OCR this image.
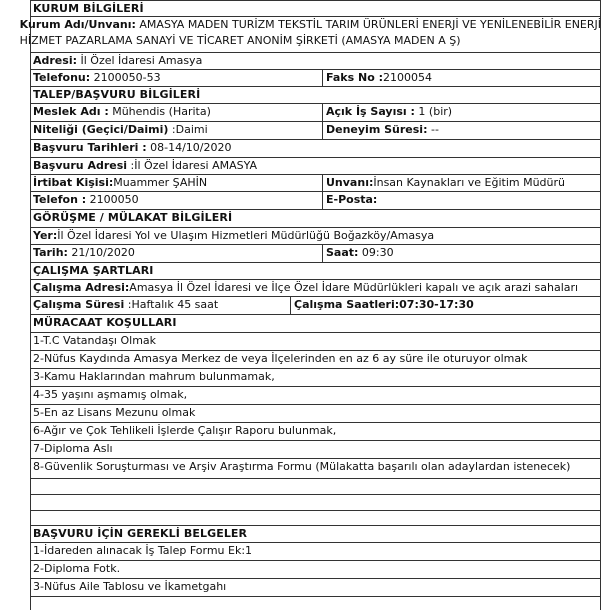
KURUM BİLGİLERİ
Kurum Adı/Unvanı: AMASYA MADEN TURİZM TEKSTİL TARIM ÜRÜNLERİ ENERJİ VE YENİLENEBİLİR ENERJİ
HİZMET PAZARLAMA SANAYİ VE TİCARET ANONİM ŞİRKETİ (AMASYA MADEN A Ş)
Adresi: İl Özel İdaresi Amasya
Telefonu: 2100050-53	Faks No :2100054
TALEP/BAŞVURU BİLGİLERİ
Meslek Adı : Mühendis (Harita)	Açık İş Sayısı : 1 (bir)
Niteliği (Geçici/Daimi) :Daimi	Deneyim Süresi: --
Başvuru Tarihleri : 08-14/10/2020
Başvuru Adresi :İl Özel İdaresi AMASYA
İrtibat Kişisi:Muammer ŞAHİN	Unvanı:İnsan Kaynakları ve Eğitim Müdürü
Telefon : 2100050	E-Posta:
GÖRÜŞME / MÜLAKAT BİLGİLERİ
Yer:İl Özel İdaresi Yol ve Ulaşım Hizmetleri Müdürlüğü Boğazköy/Amasya
Tarih: 21/10/2020	Saat: 09:30
ÇALIŞMA ŞARTLARI
Çalışma Adresi:Amasya İl Özel İdaresi ve İlçe Özel İdare Müdürlükleri kapalı ve açık arazi sahaları
Çalışma Süresi :Haftalık 45 saat	Çalışma Saatleri:07:30-17:30
MÜRACAAT KOŞULLARI
1-T.C Vatandaşı Olmak
2-Nüfus Kaydında Amasya Merkez de veya İlçelerinden en az 6 ay süre ile oturuyor olmak
3-Kamu Haklarından mahrum bulunmamak,
4-35 yaşını aşmamış olmak,
5-En az Lisans Mezunu olmak
6-Ağır ve Çok Tehlikeli İşlerde Çalışır Raporu bulunmak,
7-Diploma Aslı
8-Güvenlik Soruşturması ve Arşiv Araştırma Formu (Mülakatta başarılı olan adaylardan istenecek)
BAŞVURU İÇİN GEREKLİ BELGELER
1-İdareden alınacak İş Talep Formu Ek:1
2-Diploma Fotk.
3-Nüfus Aile Tablosu ve İkametgahı
